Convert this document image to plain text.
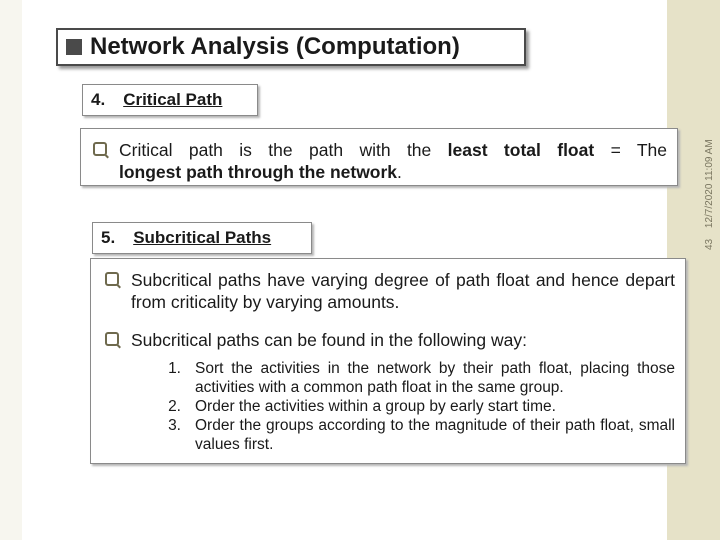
43 12/7/2020 11:09 AM
Network Analysis (Computation)
4. Critical Path
Critical path is the path with the least total float = The
longest path through the network.
Subcritical paths have varying degree of path float and hence depart from criticality by varying amounts.
Subcritical paths can be found in the following way:
1. Sort the activities in the network by their path float, placing those activities with a common path float in the same group.
2. Order the activities within a group by early start time.
3. Order the groups according to the magnitude of their path float, small values first.
5. Subcritical Paths
